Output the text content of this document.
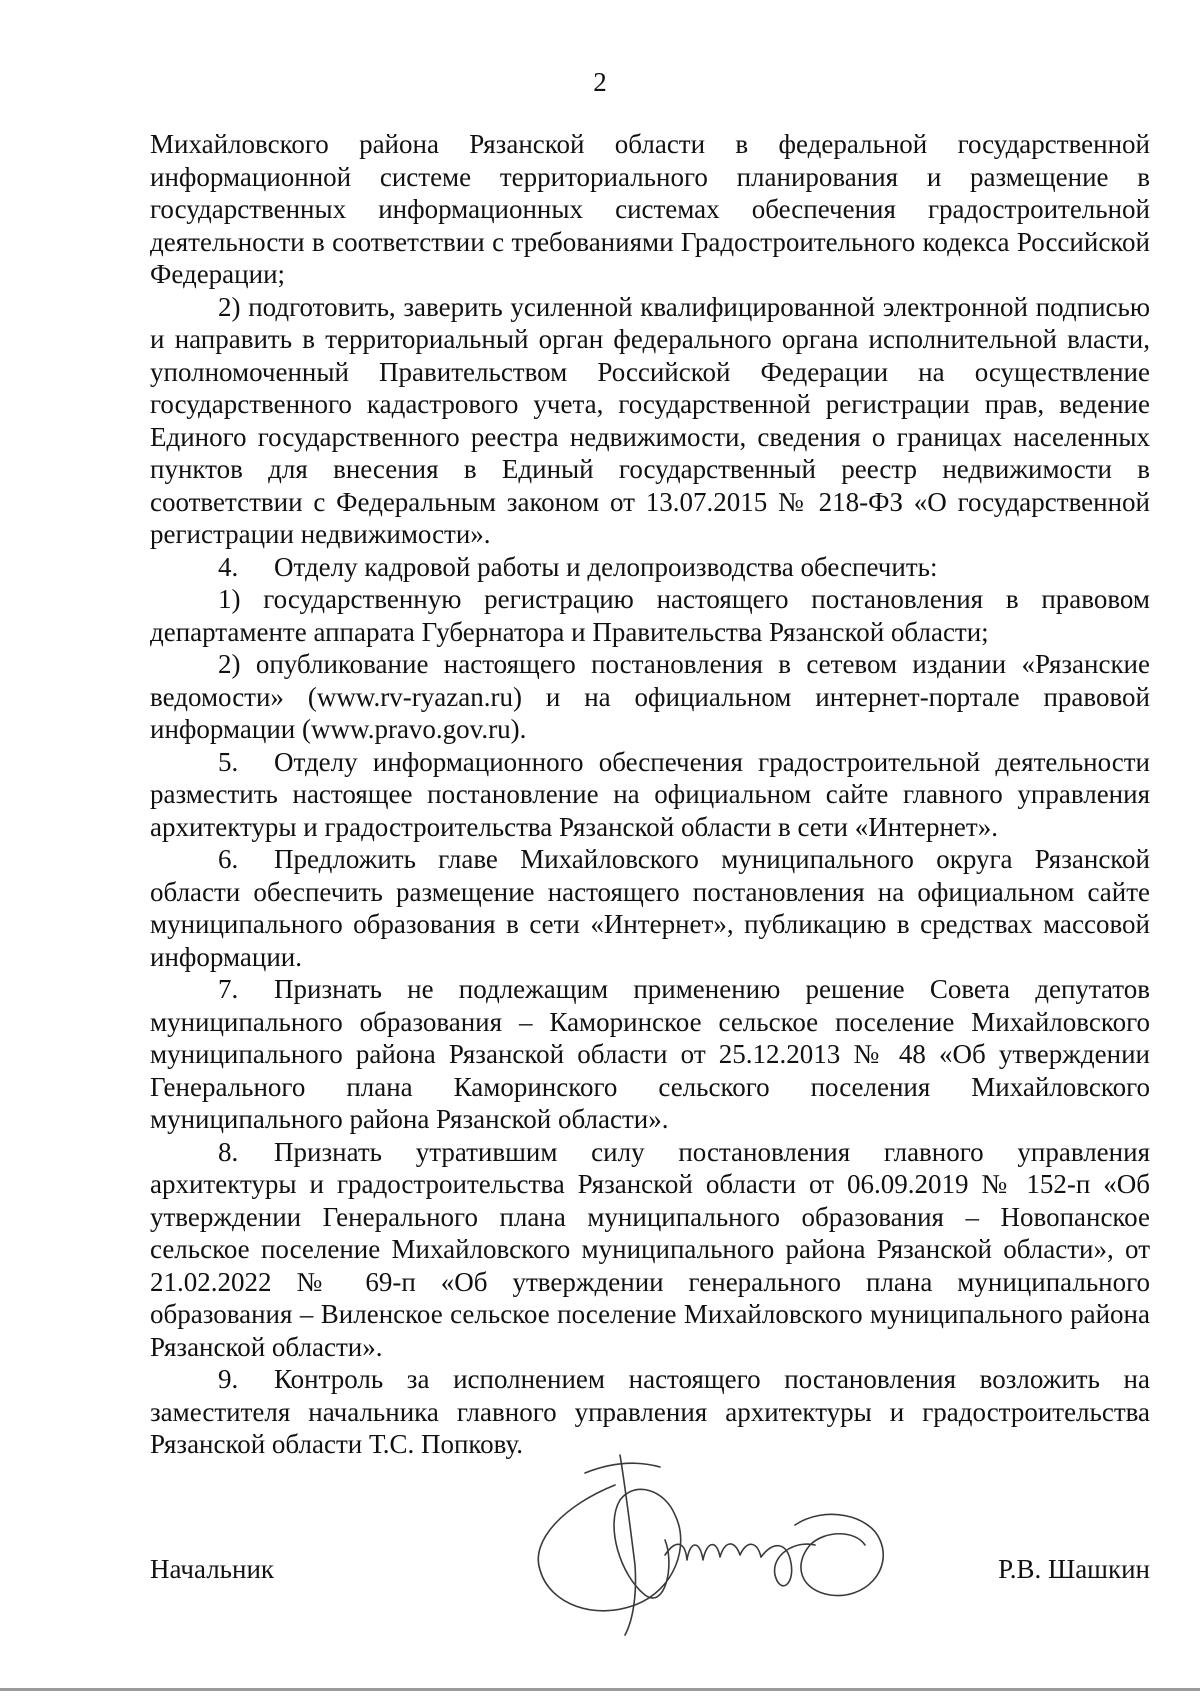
2

Михайловского района Рязанской области в федеральной государственной информационной системе территориального планирования и размещение в государственных информационных системах обеспечения градостроительной деятельности в соответствии с требованиями Градостроительного кодекса Российской Федерации;

2) подготовить, заверить усиленной квалифицированной электронной подписью и направить в территориальный орган федерального органа исполнительной власти, уполномоченный Правительством Российской Федерации на осуществление государственного кадастрового учета, государственной регистрации прав, ведение Единого государственного реестра недвижимости, сведения о границах населенных пунктов для внесения в Единый государственный реестр недвижимости в соответствии с Федеральным законом от 13.07.2015 № 218-ФЗ «О государственной регистрации недвижимости».

4. Отделу кадровой работы и делопроизводства обеспечить:

1) государственную регистрацию настоящего постановления в правовом департаменте аппарата Губернатора и Правительства Рязанской области;

2) опубликование настоящего постановления в сетевом издании «Рязанские ведомости» (www.rv-ryazan.ru) и на официальном интернет-портале правовой информации (www.pravo.gov.ru).

5. Отделу информационного обеспечения градостроительной деятельности разместить настоящее постановление на официальном сайте главного управления архитектуры и градостроительства Рязанской области в сети «Интернет».

6. Предложить главе Михайловского муниципального округа Рязанской области обеспечить размещение настоящего постановления на официальном сайте муниципального образования в сети «Интернет», публикацию в средствах массовой информации.

7. Признать не подлежащим применению решение Совета депутатов муниципального образования – Каморинское сельское поселение Михайловского муниципального района Рязанской области от 25.12.2013 № 48 «Об утверждении Генерального плана Каморинского сельского поселения Михайловского муниципального района Рязанской области».

8. Признать утратившим силу постановления главного управления архитектуры и градостроительства Рязанской области от 06.09.2019 № 152-п «Об утверждении Генерального плана муниципального образования – Новопанское сельское поселение Михайловского муниципального района Рязанской области», от 21.02.2022 № 69-п «Об утверждении генерального плана муниципального образования – Виленское сельское поселение Михайловского муниципального района Рязанской области».

9. Контроль за исполнением настоящего постановления возложить на заместителя начальника главного управления архитектуры и градостроительства Рязанской области Т.С. Попкову.

Начальник	Р.В. Шашкин
